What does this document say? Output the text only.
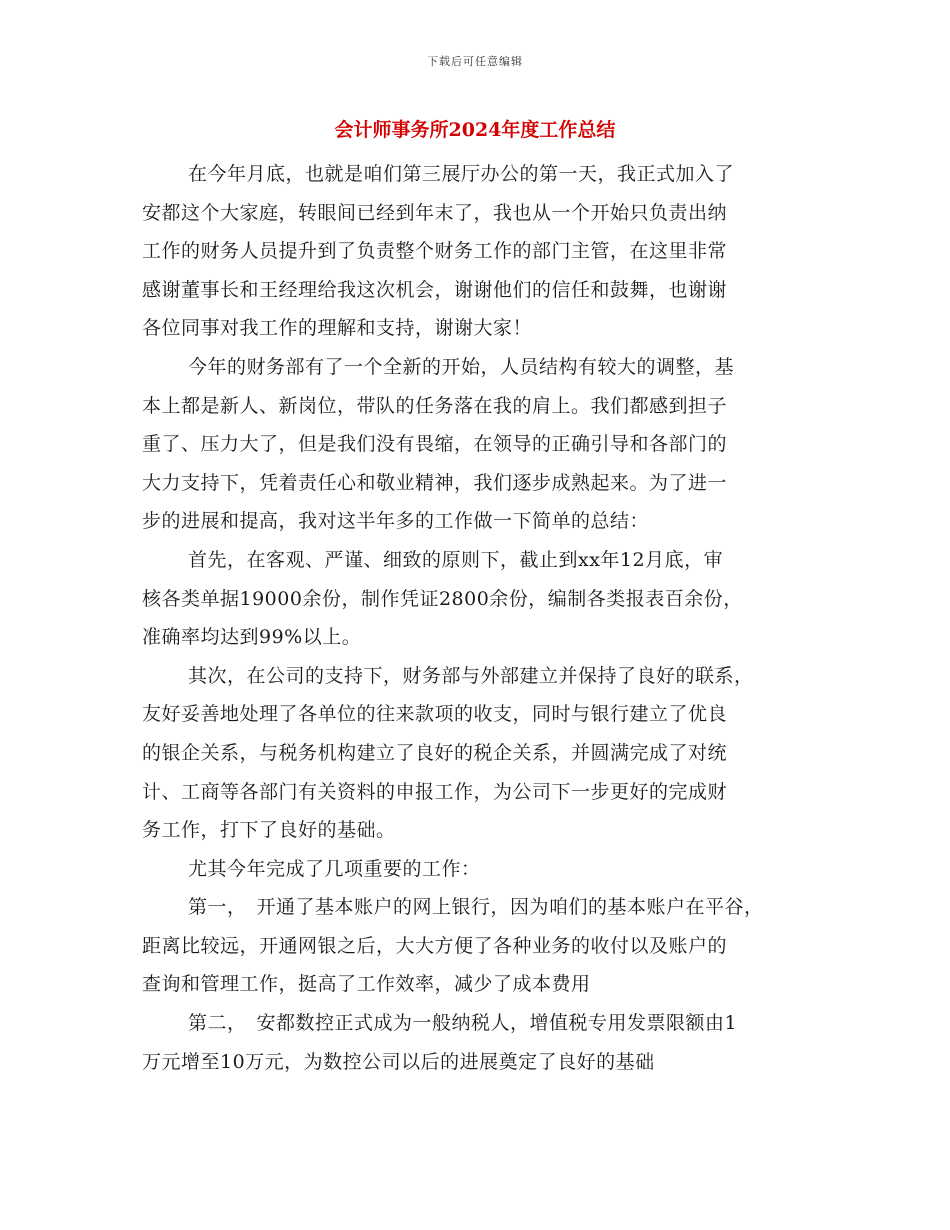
下载后可任意编辑
会计师事务所2024年度工作总结
在今年月底，也就是咱们第三展厅办公的第一天，我正式加入了
安都这个大家庭，转眼间已经到年末了，我也从一个开始只负责出纳
工作的财务人员提升到了负责整个财务工作的部门主管，在这里非常
感谢董事长和王经理给我这次机会，谢谢他们的信任和鼓舞，也谢谢
各位同事对我工作的理解和支持，谢谢大家！
今年的财务部有了一个全新的开始，人员结构有较大的调整，基
本上都是新人、新岗位，带队的任务落在我的肩上。我们都感到担子
重了、压力大了，但是我们没有畏缩，在领导的正确引导和各部门的
大力支持下，凭着责任心和敬业精神，我们逐步成熟起来。为了进一
步的进展和提高，我对这半年多的工作做一下简单的总结：
首先，在客观、严谨、细致的原则下，截止到xx年12月底，审
核各类单据19000余份，制作凭证2800余份，编制各类报表百余份，
准确率均达到99%以上。
其次，在公司的支持下，财务部与外部建立并保持了良好的联系，
友好妥善地处理了各单位的往来款项的收支，同时与银行建立了优良
的银企关系，与税务机构建立了良好的税企关系，并圆满完成了对统
计、工商等各部门有关资料的申报工作，为公司下一步更好的完成财
务工作，打下了良好的基础。
尤其今年完成了几项重要的工作：
第一，　开通了基本账户的网上银行，因为咱们的基本账户在平谷，
距离比较远，开通网银之后，大大方便了各种业务的收付以及账户的
查询和管理工作，挺高了工作效率，减少了成本费用
第二，　安都数控正式成为一般纳税人，增值税专用发票限额由1
万元增至10万元，为数控公司以后的进展奠定了良好的基础
